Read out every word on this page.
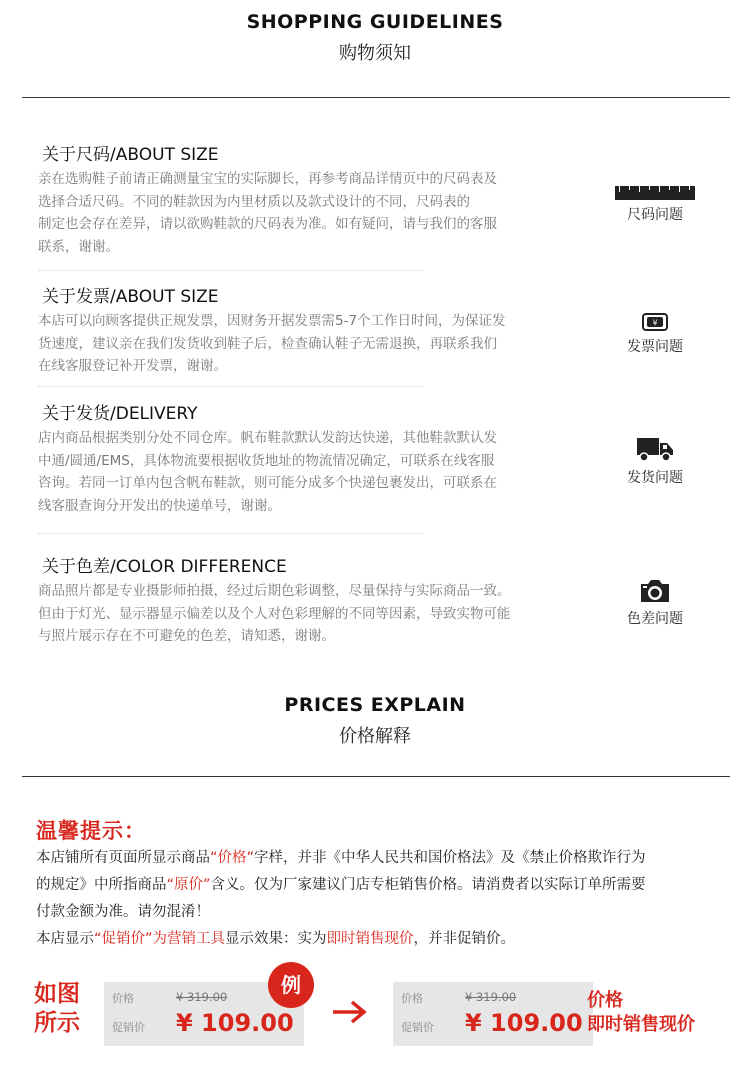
SHOPPING GUIDELINES
购物须知
关于尺码/ABOUT SIZE
亲在选购鞋子前请正确测量宝宝的实际脚长，再参考商品详情页中的尺码表及
选择合适尺码。不同的鞋款因为内里材质以及款式设计的不同，尺码表的
制定也会存在差异，请以欲购鞋款的尺码表为准。如有疑问，请与我们的客服
联系，谢谢。
尺码问题
关于发票/ABOUT SIZE
本店可以向顾客提供正规发票，因财务开据发票需5-7个工作日时间，为保证发
货速度，建议亲在我们发货收到鞋子后，检查确认鞋子无需退换，再联系我们
在线客服登记补开发票，谢谢。
¥
发票问题
关于发货/DELIVERY
店内商品根据类别分处不同仓库。帆布鞋款默认发韵达快递，其他鞋款默认发
中通/圆通/EMS，具体物流要根据收货地址的物流情况确定，可联系在线客服
咨询。若同一订单内包含帆布鞋款，则可能分成多个快递包裹发出，可联系在
线客服查询分开发出的快递单号，谢谢。
发货问题
关于色差/COLOR DIFFERENCE
商品照片都是专业摄影师拍摄，经过后期色彩调整，尽量保持与实际商品一致。
但由于灯光、显示器显示偏差以及个人对色彩理解的不同等因素，导致实物可能
与照片展示存在不可避免的色差，请知悉，谢谢。
色差问题
PRICES EXPLAIN
价格解释
温馨提示：
本店铺所有页面所显示商品“价格”字样，并非《中华人民共和国价格法》及《禁止价格欺诈行为
的规定》中所指商品“原价”含义。仅为厂家建议门店专柜销售价格。请消费者以实际订单所需要
付款金额为准。请勿混淆！
本店显示“促销价”为营销工具显示效果：实为即时销售现价，并非促销价。
如图
所示
价格	¥ 319.00
促销价 ¥ 109.00
例
价格	¥ 319.00
促销价 ¥ 109.00
价格
即时销售现价
